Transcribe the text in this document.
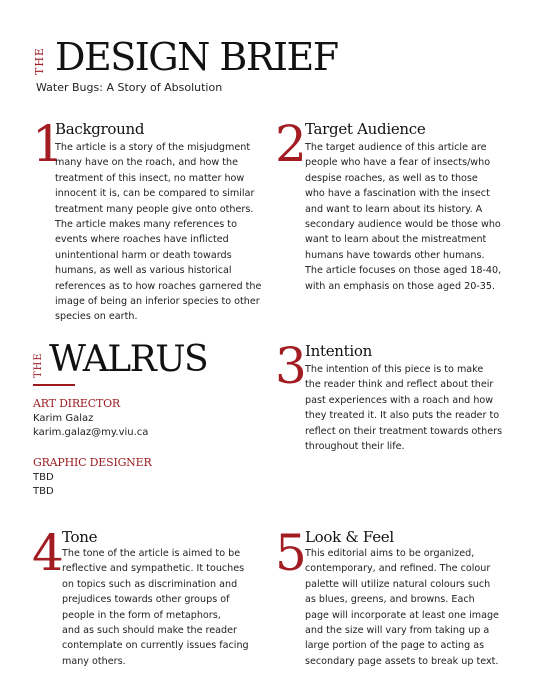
THE DESIGN BRIEF
Water Bugs: A Story of Absolution
1
Background
The article is a story of the misjudgment
many have on the roach, and how the
treatment of this insect, no matter how
innocent it is, can be compared to similar
treatment many people give onto others.
The article makes many references to
events where roaches have inflicted
unintentional harm or death towards
humans, as well as various historical
references as to how roaches garnered the
image of being an inferior species to other
species on earth.
2
Target Audience
The target audience of this article are
people who have a fear of insects/who
despise roaches, as well as to those
who have a fascination with the insect
and want to learn about its history. A
secondary audience would be those who
want to learn about the mistreatment
humans have towards other humans.
The article focuses on those aged 18-40,
with an emphasis on those aged 20-35.
THE WALRUS
ART DIRECTOR
Karim Galaz
karim.galaz@my.viu.ca
GRAPHIC DESIGNER
TBD
TBD
3
Intention
The intention of this piece is to make
the reader think and reflect about their
past experiences with a roach and how
they treated it. It also puts the reader to
reflect on their treatment towards others
throughout their life.
4
Tone
The tone of the article is aimed to be
reflective and sympathetic. It touches
on topics such as discrimination and
prejudices towards other groups of
people in the form of metaphors,
and as such should make the reader
contemplate on currently issues facing
many others.
5
Look & Feel
This editorial aims to be organized,
contemporary, and refined. The colour
palette will utilize natural colours such
as blues, greens, and browns. Each
page will incorporate at least one image
and the size will vary from taking up a
large portion of the page to acting as
secondary page assets to break up text.
